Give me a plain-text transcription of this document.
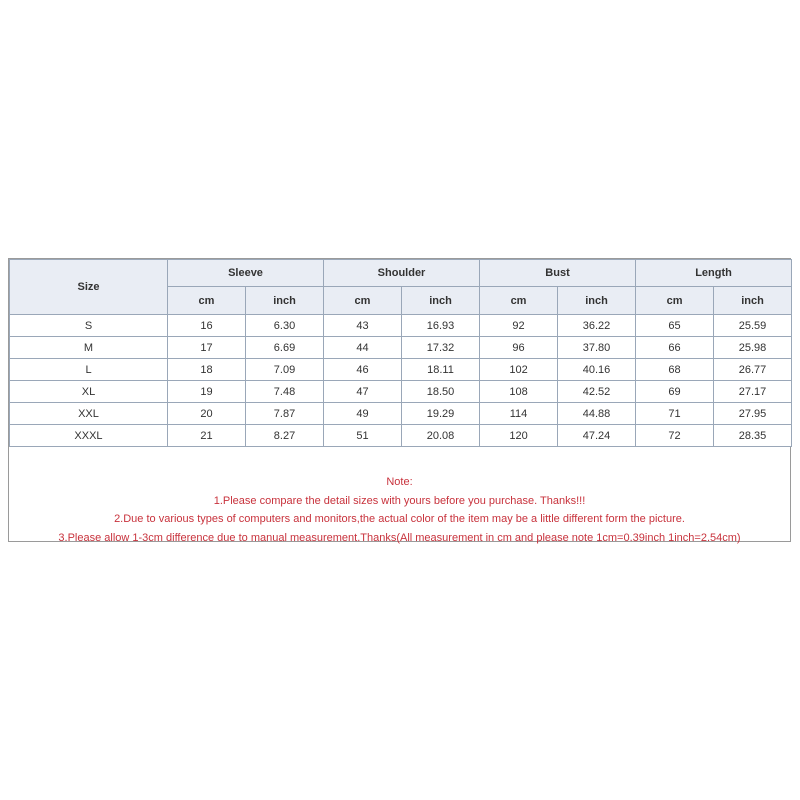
Size	Sleeve		Shoulder		Bust		Length	
	cm	inch	cm	inch	cm	inch	cm	inch
S	16	6.30	43	16.93	92	36.22	65	25.59
M	17	6.69	44	17.32	96	37.80	66	25.98
L	18	7.09	46	18.11	102	40.16	68	26.77
XL	19	7.48	47	18.50	108	42.52	69	27.17
XXL	20	7.87	49	19.29	114	44.88	71	27.95
XXXL	21	8.27	51	20.08	120	47.24	72	28.35
Note:
1.Please compare the detail sizes with yours before you purchase. Thanks!!!
2.Due to various types of computers and monitors,the actual color of the item may be a little different form the picture.
3.Please allow 1-3cm difference due to manual measurement.Thanks(All measurement in cm and please note 1cm=0.39inch 1inch=2.54cm)
